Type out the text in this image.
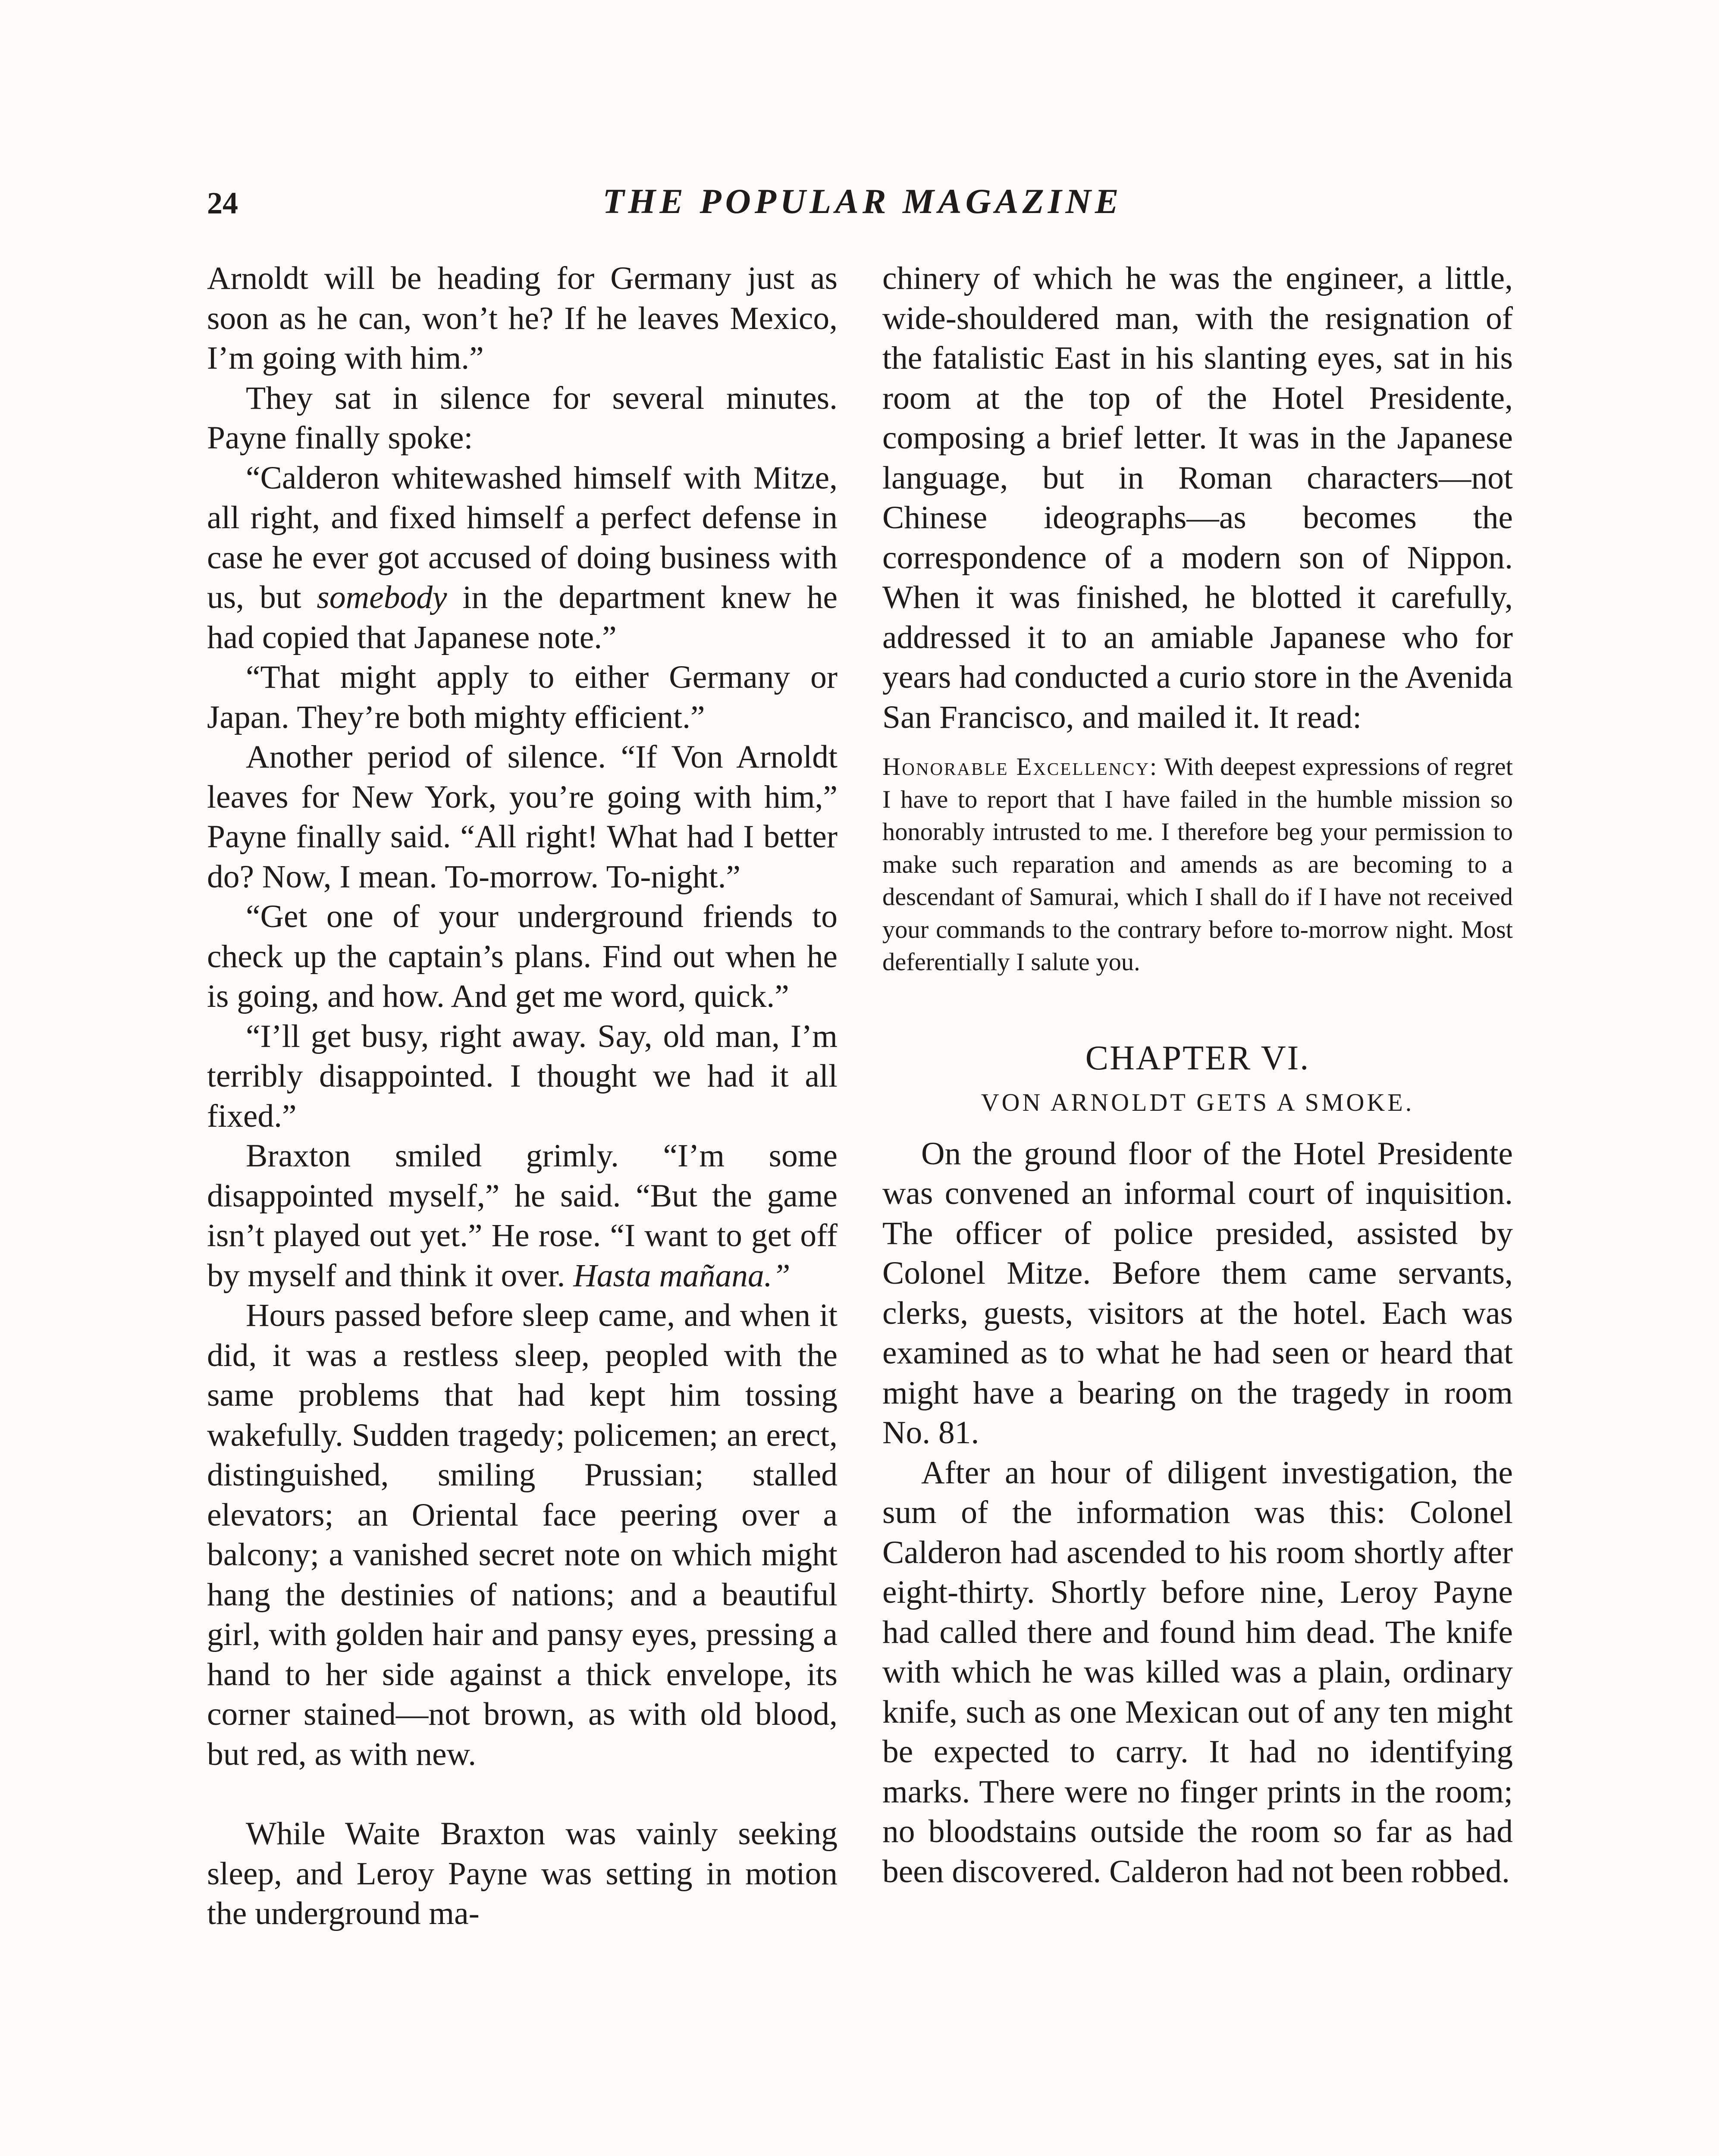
24	THE POPULAR MAGAZINE

Arnoldt will be heading for Germany just as soon as he can, won’t he? If he leaves Mexico, I’m going with him.”

They sat in silence for several minutes. Payne finally spoke:

“Calderon whitewashed himself with Mitze, all right, and fixed himself a perfect defense in case he ever got accused of doing business with us, but somebody in the department knew he had copied that Japanese note.”

“That might apply to either Germany or Japan. They’re both mighty efficient.”

Another period of silence. “If Von Arnoldt leaves for New York, you’re going with him,” Payne finally said. “All right! What had I better do? Now, I mean. To-morrow. To-night.”

“Get one of your underground friends to check up the captain’s plans. Find out when he is going, and how. And get me word, quick.”

“I’ll get busy, right away. Say, old man, I’m terribly disappointed. I thought we had it all fixed.”

Braxton smiled grimly. “I’m some disappointed myself,” he said. “But the game isn’t played out yet.” He rose. “I want to get off by myself and think it over. Hasta mañana.”

Hours passed before sleep came, and when it did, it was a restless sleep, peopled with the same problems that had kept him tossing wakefully. Sudden tragedy; policemen; an erect, distinguished, smiling Prussian; stalled elevators; an Oriental face peering over a balcony; a vanished secret note on which might hang the destinies of nations; and a beautiful girl, with golden hair and pansy eyes, pressing a hand to her side against a thick envelope, its corner stained—not brown, as with old blood, but red, as with new.

While Waite Braxton was vainly seeking sleep, and Leroy Payne was setting in motion the underground ma-

chinery of which he was the engineer, a little, wide-shouldered man, with the resignation of the fatalistic East in his slanting eyes, sat in his room at the top of the Hotel Presidente, composing a brief letter. It was in the Japanese language, but in Roman characters—not Chinese ideographs—as becomes the correspondence of a modern son of Nippon. When it was finished, he blotted it carefully, addressed it to an amiable Japanese who for years had conducted a curio store in the Avenida San Francisco, and mailed it. It read:

Honorable Excellency: With deepest expressions of regret I have to report that I have failed in the humble mission so honorably intrusted to me. I therefore beg your permission to make such reparation and amends as are becoming to a descendant of Samurai, which I shall do if I have not received your commands to the contrary before to-morrow night. Most deferentially I salute you.

CHAPTER VI.
VON ARNOLDT GETS A SMOKE.

On the ground floor of the Hotel Presidente was convened an informal court of inquisition. The officer of police presided, assisted by Colonel Mitze. Before them came servants, clerks, guests, visitors at the hotel. Each was examined as to what he had seen or heard that might have a bearing on the tragedy in room No. 81.

After an hour of diligent investigation, the sum of the information was this: Colonel Calderon had ascended to his room shortly after eight-thirty. Shortly before nine, Leroy Payne had called there and found him dead. The knife with which he was killed was a plain, ordinary knife, such as one Mexican out of any ten might be expected to carry. It had no identifying marks. There were no finger prints in the room; no bloodstains outside the room so far as had been discovered. Calderon had not been robbed.
